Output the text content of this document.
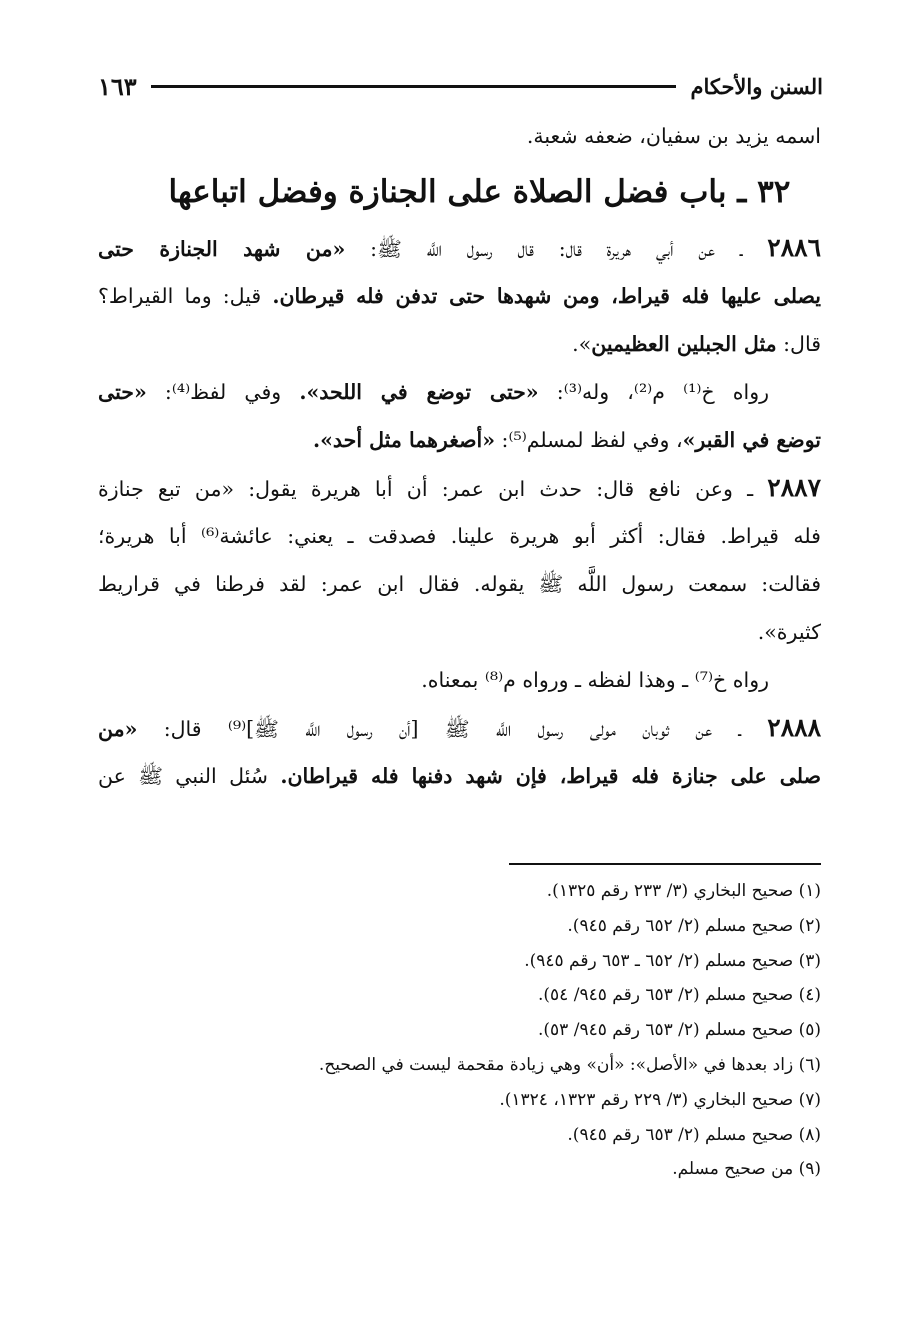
السنن والأحكام
١٦٣
اسمه يزيد بن سفيان، ضعفه شعبة.
٣٢ ـ باب فضل الصلاة على الجنازة وفضل اتباعها
٢٨٨٦ ـ عن أبي هريرة قال: قال رسول اللَّه ﷺ: «من شهد الجنازة حتى
يصلى عليها فله قيراط، ومن شهدها حتى تدفن فله قيرطان. قيل: وما القيراط؟
قال: مثل الجبلين العظيمين».
رواه خ⁽¹⁾ م⁽²⁾، وله⁽³⁾: «حتى توضع في اللحد». وفي لفظ⁽⁴⁾: «حتى
توضع في القبر»، وفي لفظ لمسلم⁽⁵⁾: «أصغرهما مثل أحد».
٢٨٨٧ ـ وعن نافع قال: حدث ابن عمر: أن أبا هريرة يقول: «من تبع جنازة
فله قيراط. فقال: أكثر أبو هريرة علينا. فصدقت ـ يعني: عائشة⁽⁶⁾ أبا هريرة؛
فقالت: سمعت رسول اللَّه ﷺ يقوله. فقال ابن عمر: لقد فرطنا في قراريط
كثيرة».
رواه خ⁽⁷⁾ ـ وهذا لفظه ـ ورواه م⁽⁸⁾ بمعناه.
٢٨٨٨ ـ عن ثوبان مولى رسول اللَّه ﷺ [أن رسول اللَّه ﷺ]⁽⁹⁾ قال: «من
صلى على جنازة فله قيراط، فإن شهد دفنها فله قيراطان. سُئل النبي ﷺ عن
(١) صحيح البخاري (٣/ ٢٣٣ رقم ١٣٢٥).
(٢) صحيح مسلم (٢/ ٦٥٢ رقم ٩٤٥).
(٣) صحيح مسلم (٢/ ٦٥٢ ـ ٦٥٣ رقم ٩٤٥).
(٤) صحيح مسلم (٢/ ٦٥٣ رقم ٩٤٥/ ٥٤).
(٥) صحيح مسلم (٢/ ٦٥٣ رقم ٩٤٥/ ٥٣).
(٦) زاد بعدها في «الأصل»: «أن» وهي زيادة مقحمة ليست في الصحيح.
(٧) صحيح البخاري (٣/ ٢٢٩ رقم ١٣٢٣، ١٣٢٤).
(٨) صحيح مسلم (٢/ ٦٥٣ رقم ٩٤٥).
(٩) من صحيح مسلم.
